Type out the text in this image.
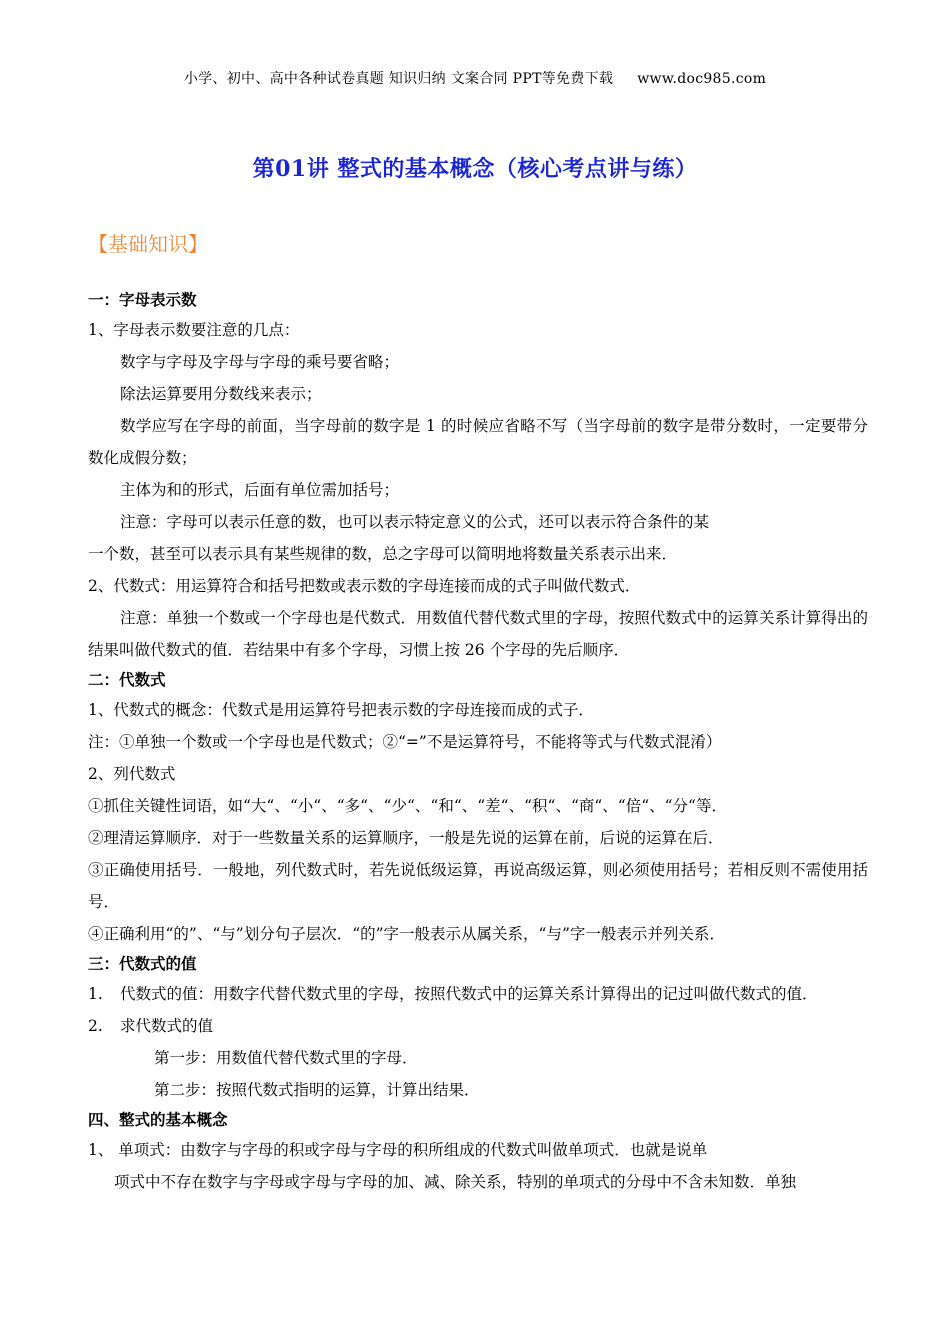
小学、初中、高中各种试卷真题 知识归纳 文案合同 PPT等免费下载 www.doc985.com
第01讲 整式的基本概念（核心考点讲与练）
【基础知识】
一：字母表示数
1、字母表示数要注意的几点：
数字与字母及字母与字母的乘号要省略；
除法运算要用分数线来表示；
数学应写在字母的前面，当字母前的数字是 1 的时候应省略不写（当字母前的数字是带分数时，一定要带分数化成假分数；
主体为和的形式，后面有单位需加括号；
注意：字母可以表示任意的数，也可以表示特定意义的公式，还可以表示符合条件的某
一个数，甚至可以表示具有某些规律的数，总之字母可以简明地将数量关系表示出来．
2、代数式：用运算符合和括号把数或表示数的字母连接而成的式子叫做代数式．
注意：单独一个数或一个字母也是代数式．用数值代替代数式里的字母，按照代数式中的运算关系计算得出的结果叫做代数式的值．若结果中有多个字母，习惯上按 26 个字母的先后顺序．
二：代数式
1、代数式的概念：代数式是用运算符号把表示数的字母连接而成的式子．
注：①单独一个数或一个字母也是代数式；②“=”不是运算符号，不能将等式与代数式混淆）
2、列代数式
①抓住关键性词语，如“大“、“小“、“多“、“少“、“和“、“差“、“积“、“商“、“倍“、“分“等．
②理清运算顺序．对于一些数量关系的运算顺序，一般是先说的运算在前，后说的运算在后．
③正确使用括号．一般地，列代数式时，若先说低级运算，再说高级运算，则必须使用括号；若相反则不需使用括号．
④正确利用“的”、“与”划分句子层次．“的”字一般表示从属关系，“与”字一般表示并列关系．
三：代数式的值
1. 代数式的值：用数字代替代数式里的字母，按照代数式中的运算关系计算得出的记过叫做代数式的值．
2. 求代数式的值
第一步：用数值代替代数式里的字母．
第二步：按照代数式指明的运算，计算出结果．
四、整式的基本概念
1、 单项式：由数字与字母的积或字母与字母的积所组成的代数式叫做单项式．也就是说单
项式中不存在数字与字母或字母与字母的加、减、除关系，特别的单项式的分母中不含未知数．单独
